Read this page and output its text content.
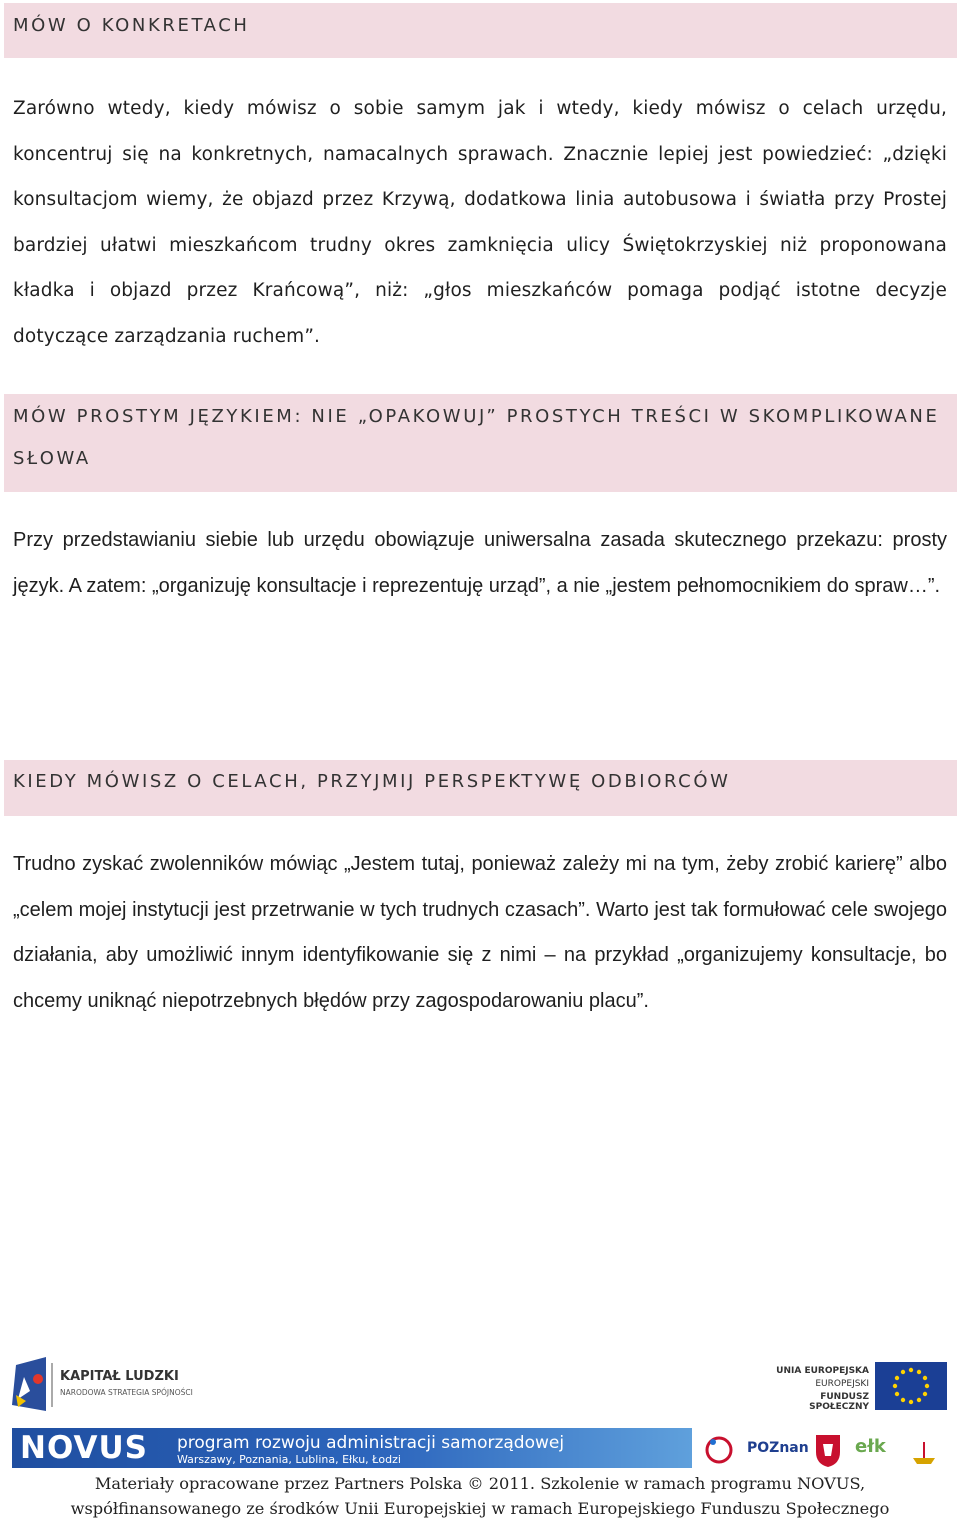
MÓW O KONKRETACH

Zarówno wtedy, kiedy mówisz o sobie samym jak i wtedy, kiedy mówisz o celach urzędu, koncentruj się na konkretnych, namacalnych sprawach. Znacznie lepiej jest powiedzieć: „dzięki konsultacjom wiemy, że objazd przez Krzywą, dodatkowa linia autobusowa i światła przy Prostej bardziej ułatwi mieszkańcom trudny okres zamknięcia ulicy Świętokrzyskiej niż proponowana kładka i objazd przez Krańcową”, niż: „głos mieszkańców pomaga podjąć istotne decyzje dotyczące zarządzania ruchem”.

MÓW PROSTYM JĘZYKIEM: NIE „OPAKOWUJ” PROSTYCH TREŚCI W SKOMPLIKOWANE SŁOWA

Przy przedstawianiu siebie lub urzędu obowiązuje uniwersalna zasada skutecznego przekazu: prosty język. A zatem: „organizuję konsultacje i reprezentuję urząd”, a nie „jestem pełnomocnikiem do spraw…”.

KIEDY MÓWISZ O CELACH, PRZYJMIJ PERSPEKTYWĘ ODBIORCÓW

Trudno zyskać zwolenników mówiąc „Jestem tutaj, ponieważ zależy mi na tym, żeby zrobić karierę” albo „celem mojej instytucji jest przetrwanie w tych trudnych czasach”. Warto jest tak formułować cele swojego działania, aby umożliwić innym identyfikowanie się z nimi – na przykład „organizujemy konsultacje, bo chcemy uniknąć niepotrzebnych błędów przy zagospodarowaniu placu”.

KAPITAŁ LUDZKI
NARODOWA STRATEGIA SPÓJNOŚCI
UNIA EUROPEJSKA
EUROPEJSKI
FUNDUSZ SPOŁECZNY
NOVUS program rozwoju administracji samorządowej
Warszawy, Poznania, Lublina, Ełku, Łodzi
POZnan	ełk
Materiały opracowane przez Partners Polska © 2011. Szkolenie w ramach programu NOVUS,
współfinansowanego ze środków Unii Europejskiej w ramach Europejskiego Funduszu Społecznego
